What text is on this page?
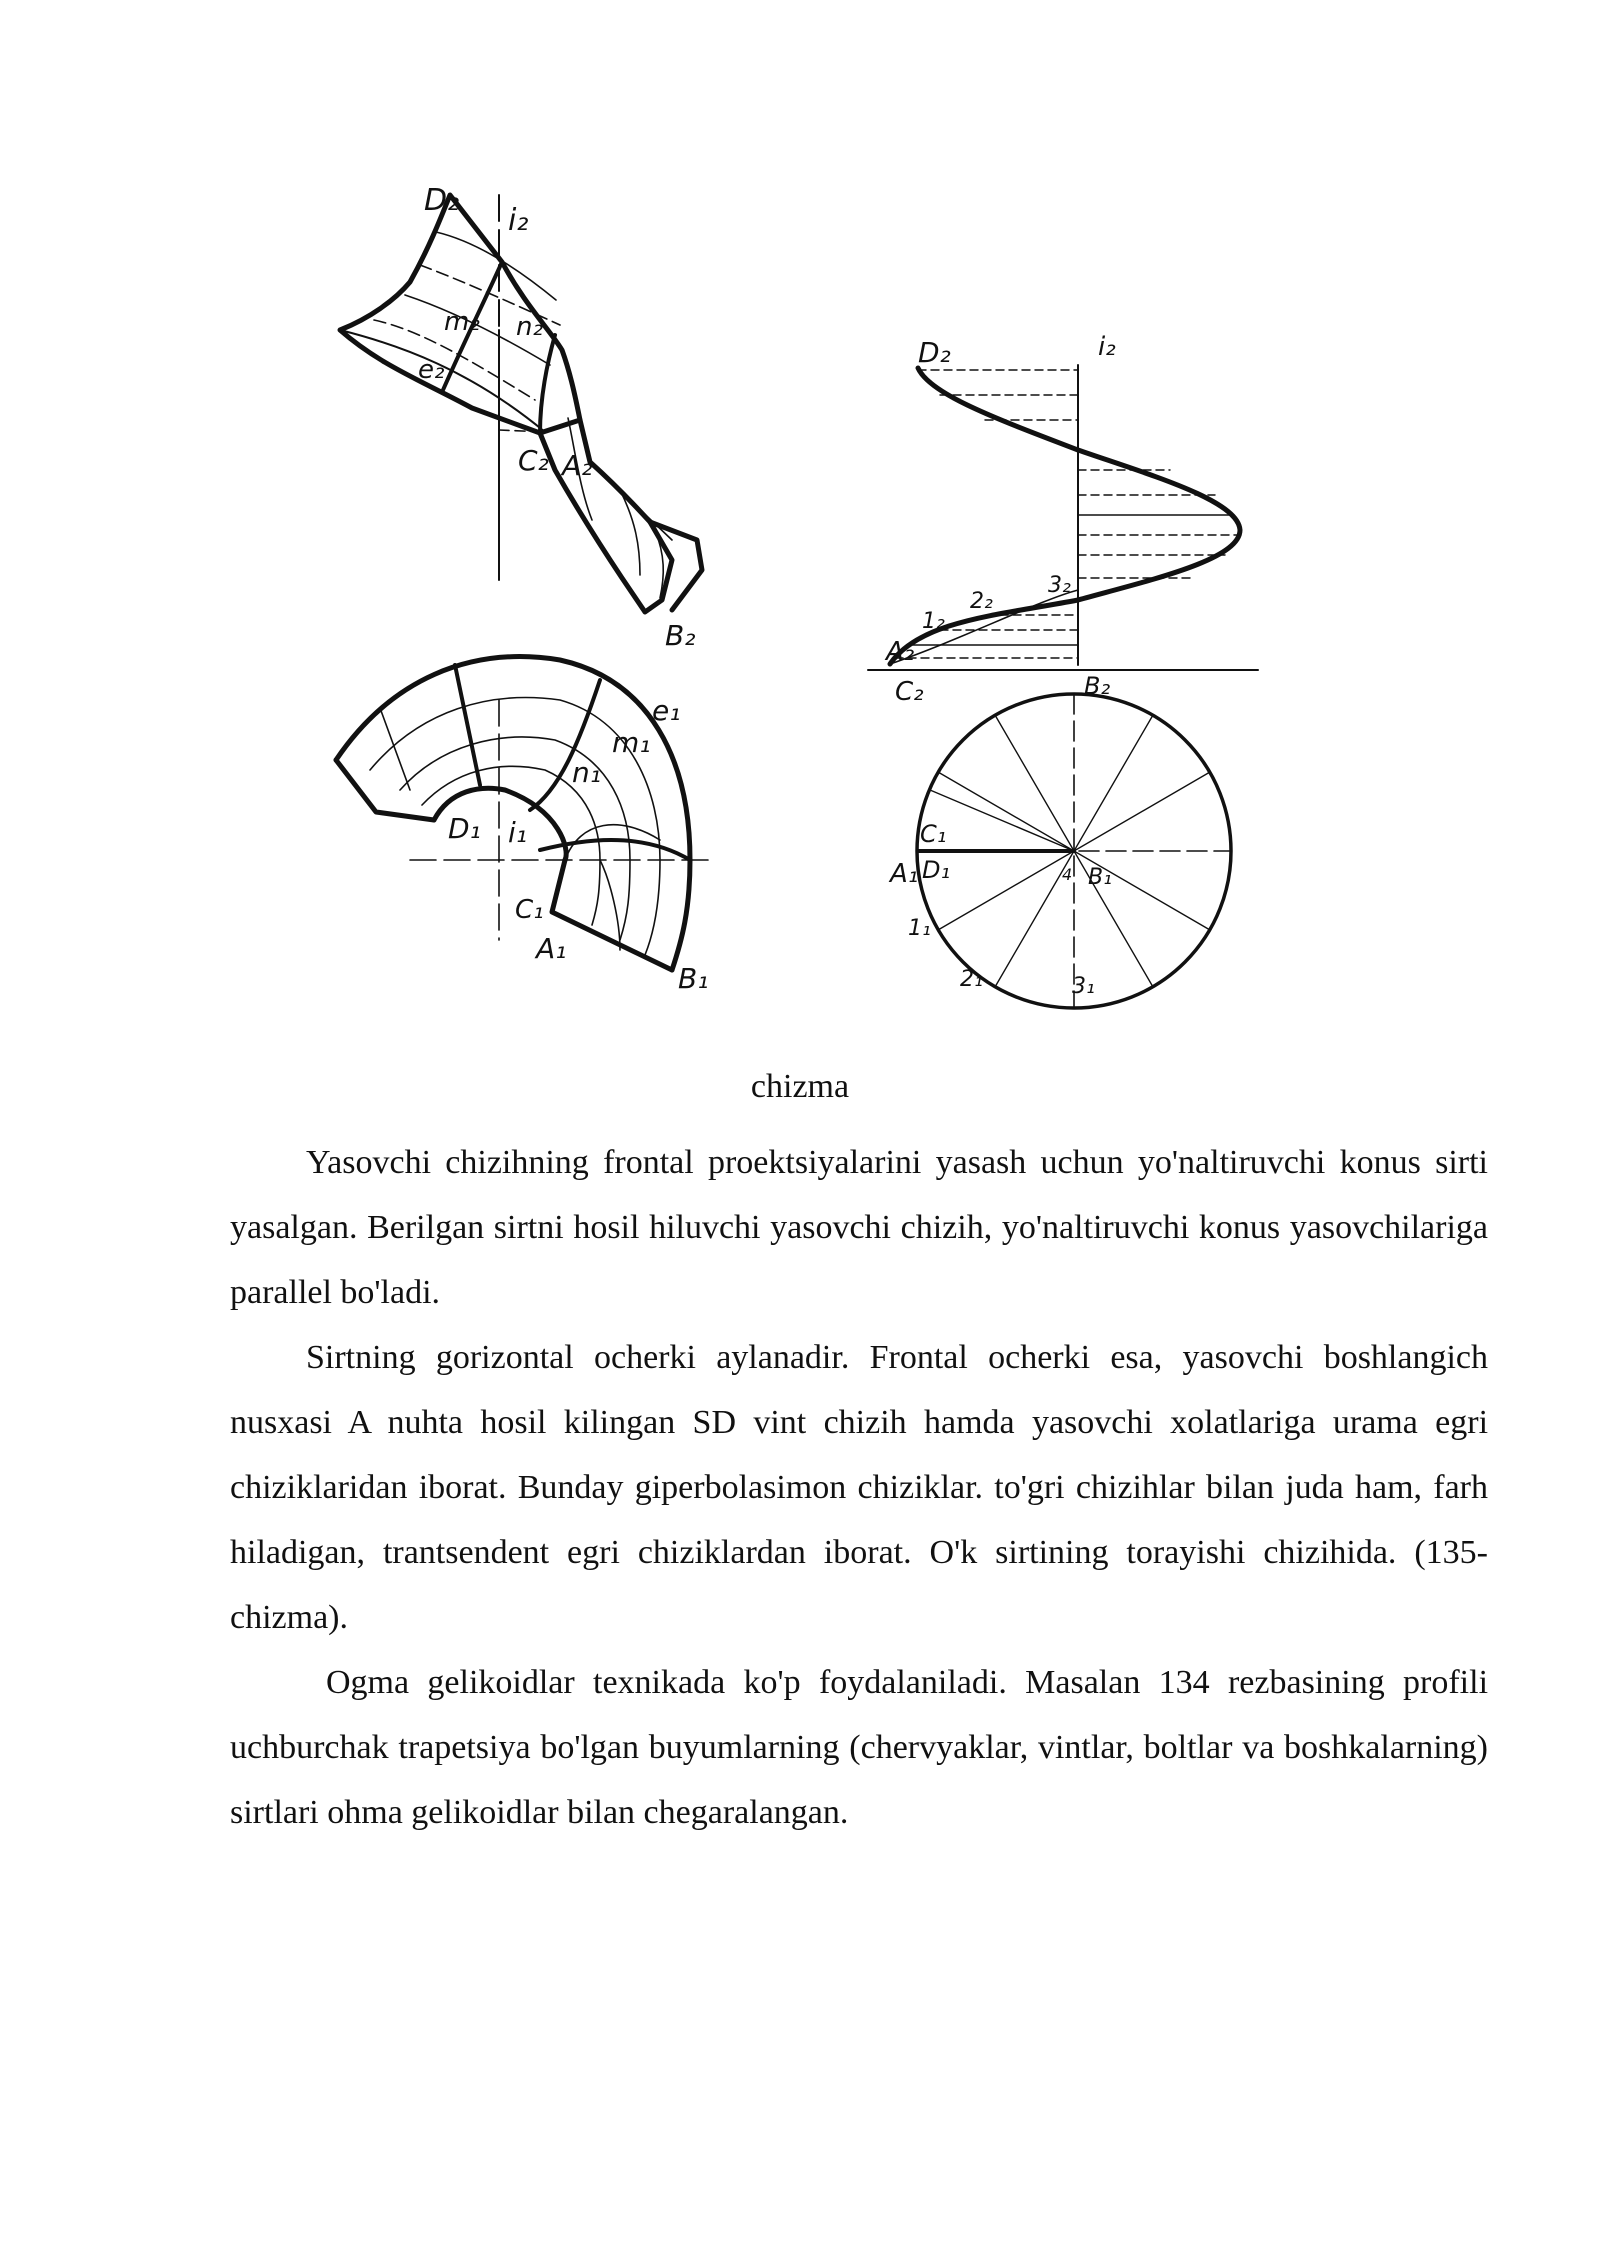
D₂
i₂
m₂ n₂
e₂
C₂ A₂
B₂
e₁
m₁
n₁
D₁ i₁
C₁
A₁
B₁
D₂	i₂
3₂
2₂
1₂
A₂
C₂	B₂
C₁
A₁ D₁	4 B₁
1₁
2₁	3₁
chizma

Yasovchi chizihning frontal proektsiyalarini yasash uchun yo'naltiruvchi konus sirti yasalgan. Berilgan sirtni hosil hiluvchi yasovchi chizih, yo'naltiruvchi konus yasovchilariga parallel bo'ladi.

Sirtning gorizontal ocherki aylanadir. Frontal ocherki esa, yasovchi boshlangich nusxasi A nuhta hosil kilingan SD vint chizih hamda yasovchi xolatlariga urama egri chiziklaridan iborat. Bunday giperbolasimon chiziklar. to'gri chizihlar bilan juda ham, farh hiladigan, trantsendent egri chiziklardan iborat. O'k sirtining torayishi chizihida. (135-chizma).

Ogma gelikoidlar texnikada ko'p foydalaniladi. Masalan 134 rezbasining profili uchburchak trapetsiya bo'lgan buyumlarning (chervyaklar, vintlar, boltlar va boshkalarning) sirtlari ohma gelikoidlar bilan chegaralangan.
